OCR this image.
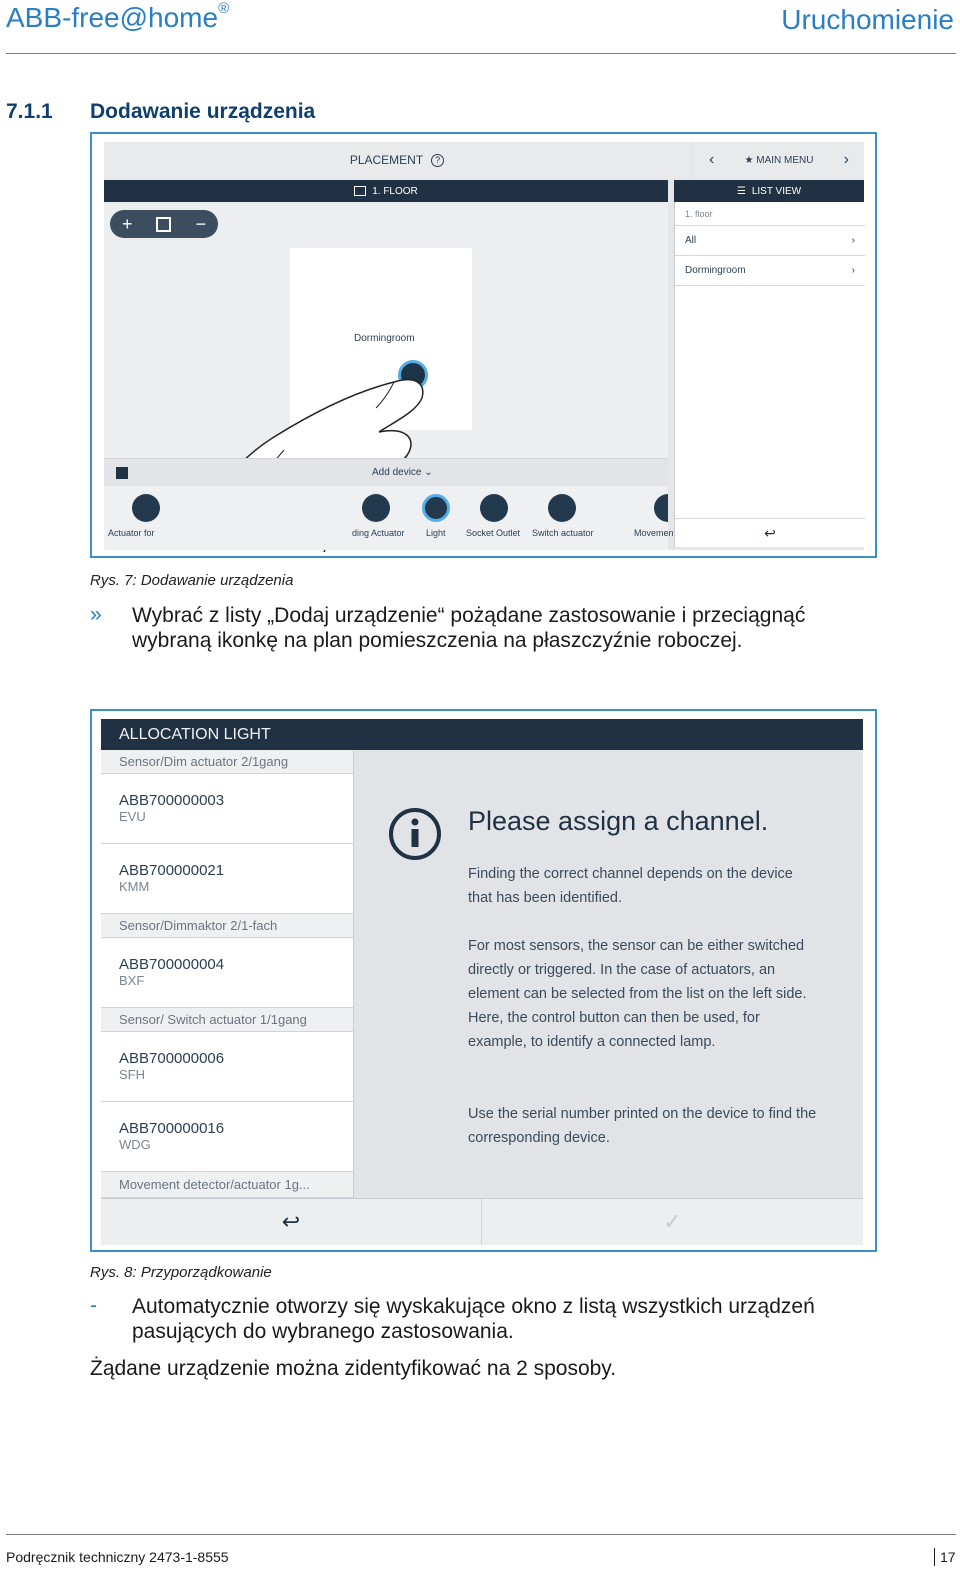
ABB-free@home®	Uruchomienie
7.1.1 Dodawanie urządzenia
PLACEMENT	?	‹	★ MAIN MENU ›
1. FLOOR	☰ LIST VIEW
+	−
Dormingroom
Add device ⌄
Actuator for	ding Actuator Light Socket Outlet Switch actuator	Movemen
1. floor
All	›
Dormingroom	›
↩
Rys. 7: Dodawanie urządzenia
» Wybrać z listy „Dodaj urządzenie“ pożądane zastosowanie i przeciągnąć wybraną ikonkę na plan pomieszczenia na płaszczyźnie roboczej.
ALLOCATION LIGHT
Sensor/Dim actuator 2/1gang
ABB700000003
EVU
ABB700000021
KMM
Sensor/Dimmaktor 2/1-fach
ABB700000004
BXF
Sensor/ Switch actuator 1/1gang
ABB700000006
SFH
ABB700000016
WDG
Movement detector/actuator 1g...
Please assign a channel.
Finding the correct channel depends on the device that has been identified.
For most sensors, the sensor can be either switched directly or triggered. In the case of actuators, an element can be selected from the list on the left side. Here, the control button can then be used, for example, to identify a connected lamp.
Use the serial number printed on the device to find the corresponding device.
↩	✓
Rys. 8: Przyporządkowanie
- Automatycznie otworzy się wyskakujące okno z listą wszystkich urządzeń pasujących do wybranego zastosowania.
Żądane urządzenie można zidentyfikować na 2 sposoby.
Podręcznik techniczny 2473-1-8555	17
